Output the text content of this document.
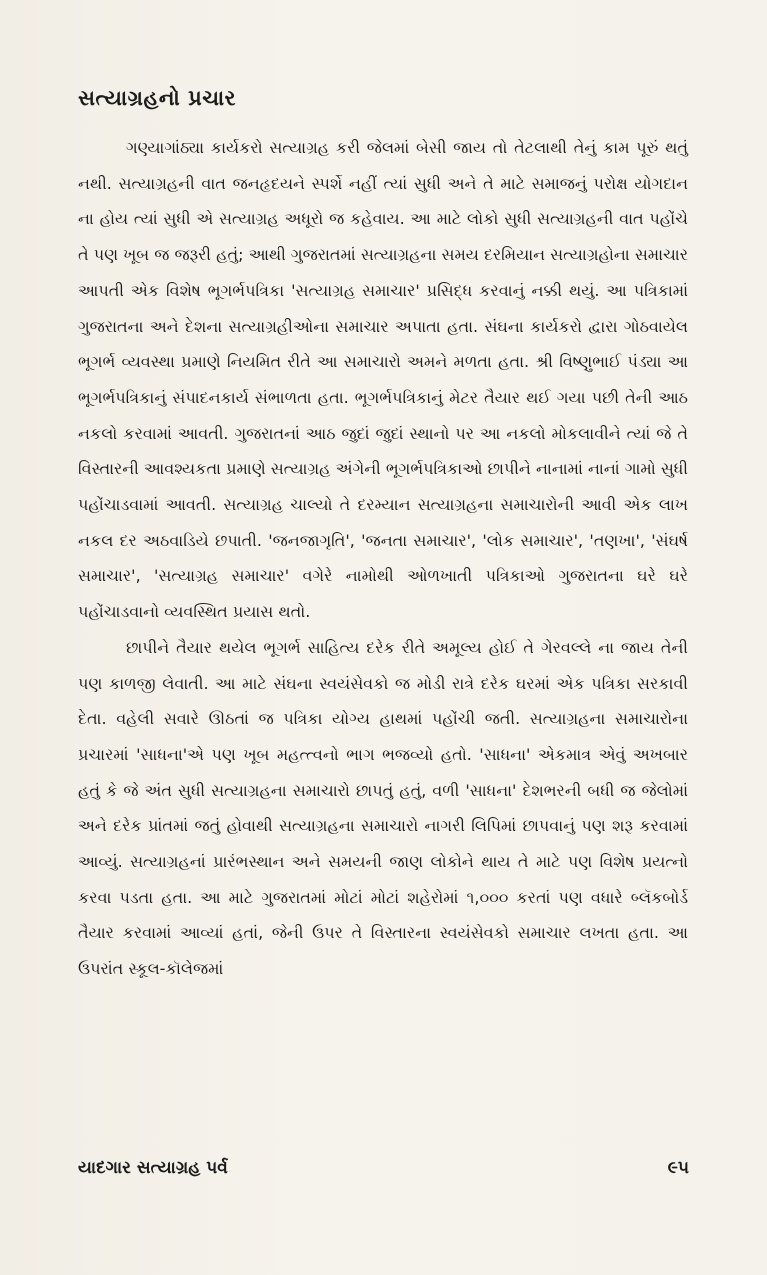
સત્યાગ્રહનો પ્રચાર

ગણ્યાગાંઠ્યા કાર્યકરો સત્યાગ્રહ કરી જેલમાં બેસી જાય તો તેટલાથી તેનું કામ પૂરું થતું નથી. સત્યાગ્રહની વાત જનહૃદયને સ્પર્શે નહીં ત્યાં સુધી અને તે માટે સમાજનું પરોક્ષ યોગદાન ના હોય ત્યાં સુધી એ સત્યાગ્રહ અધૂરો જ કહેવાય. આ માટે લોકો સુધી સત્યાગ્રહની વાત પહોંચે તે પણ ખૂબ જ જરૂરી હતું; આથી ગુજરાતમાં સત્યાગ્રહના સમય દરમિયાન સત્યાગ્રહોના સમાચાર આપતી એક વિશેષ ભૂગર્ભપત્રિકા 'સત્યાગ્રહ સમાચાર' પ્રસિદ્ધ કરવાનું નક્કી થયું. આ પત્રિકામાં ગુજરાતના અને દેશના સત્યાગ્રહીઓના સમાચાર અપાતા હતા. સંઘના કાર્યકરો દ્વારા ગોઠવાયેલ ભૂગર્ભ વ્યવસ્થા પ્રમાણે નિયમિત રીતે આ સમાચારો અમને મળતા હતા. શ્રી વિષ્ણુભાઈ પંડ્યા આ ભૂગર્ભપત્રિકાનું સંપાદનકાર્ય સંભાળતા હતા. ભૂગર્ભપત્રિકાનું મેટર તૈયાર થઈ ગયા પછી તેની આઠ નકલો કરવામાં આવતી. ગુજરાતનાં આઠ જુદાં જુદાં સ્થાનો પર આ નકલો મોકલાવીને ત્યાં જે તે વિસ્તારની આવશ્યકતા પ્રમાણે સત્યાગ્રહ અંગેની ભૂગર્ભપત્રિકાઓ છાપીને નાનામાં નાનાં ગામો સુધી પહોંચાડવામાં આવતી. સત્યાગ્રહ ચાલ્યો તે દરમ્યાન સત્યાગ્રહના સમાચારોની આવી એક લાખ નકલ દર અઠવાડિયે છપાતી. 'જનજાગૃતિ', 'જનતા સમાચાર', 'લોક સમાચાર', 'તણખા', 'સંઘર્ષ સમાચાર', 'સત્યાગ્રહ સમાચાર' વગેરે નામોથી ઓળખાતી પત્રિકાઓ ગુજરાતના ઘરે ઘરે પહોંચાડવાનો વ્યવસ્થિત પ્રયાસ થતો.

છાપીને તૈયાર થયેલ ભૂગર્ભ સાહિત્ય દરેક રીતે અમૂલ્ય હોઈ તે ગેરવલ્લે ના જાય તેની પણ કાળજી લેવાતી. આ માટે સંઘના સ્વયંસેવકો જ મોડી રાત્રે દરેક ઘરમાં એક પત્રિકા સરકાવી દેતા. વહેલી સવારે ઊઠતાં જ પત્રિકા યોગ્ય હાથમાં પહોંચી જતી. સત્યાગ્રહના સમાચારોના પ્રચારમાં 'સાધના'એ પણ ખૂબ મહત્ત્વનો ભાગ ભજવ્યો હતો. 'સાધના' એકમાત્ર એવું અખબાર હતું કે જે અંત સુધી સત્યાગ્રહના સમાચારો છાપતું હતું, વળી 'સાધના' દેશભરની બધી જ જેલોમાં અને દરેક પ્રાંતમાં જતું હોવાથી સત્યાગ્રહના સમાચારો નાગરી લિપિમાં છાપવાનું પણ શરૂ કરવામાં આવ્યું. સત્યાગ્રહનાં પ્રારંભસ્થાન અને સમયની જાણ લોકોને થાય તે માટે પણ વિશેષ પ્રયત્નો કરવા પડતા હતા. આ માટે ગુજરાતમાં મોટાં મોટાં શહેરોમાં ૧,૦૦૦ કરતાં પણ વધારે બ્લૅકબોર્ડ તૈયાર કરવામાં આવ્યાં હતાં, જેની ઉપર તે વિસ્તારના સ્વયંસેવકો સમાચાર લખતા હતા. આ ઉપરાંત સ્કૂલ-કૉલેજમાં

યાદગાર સત્યાગ્રહ પર્વ	૯૫
